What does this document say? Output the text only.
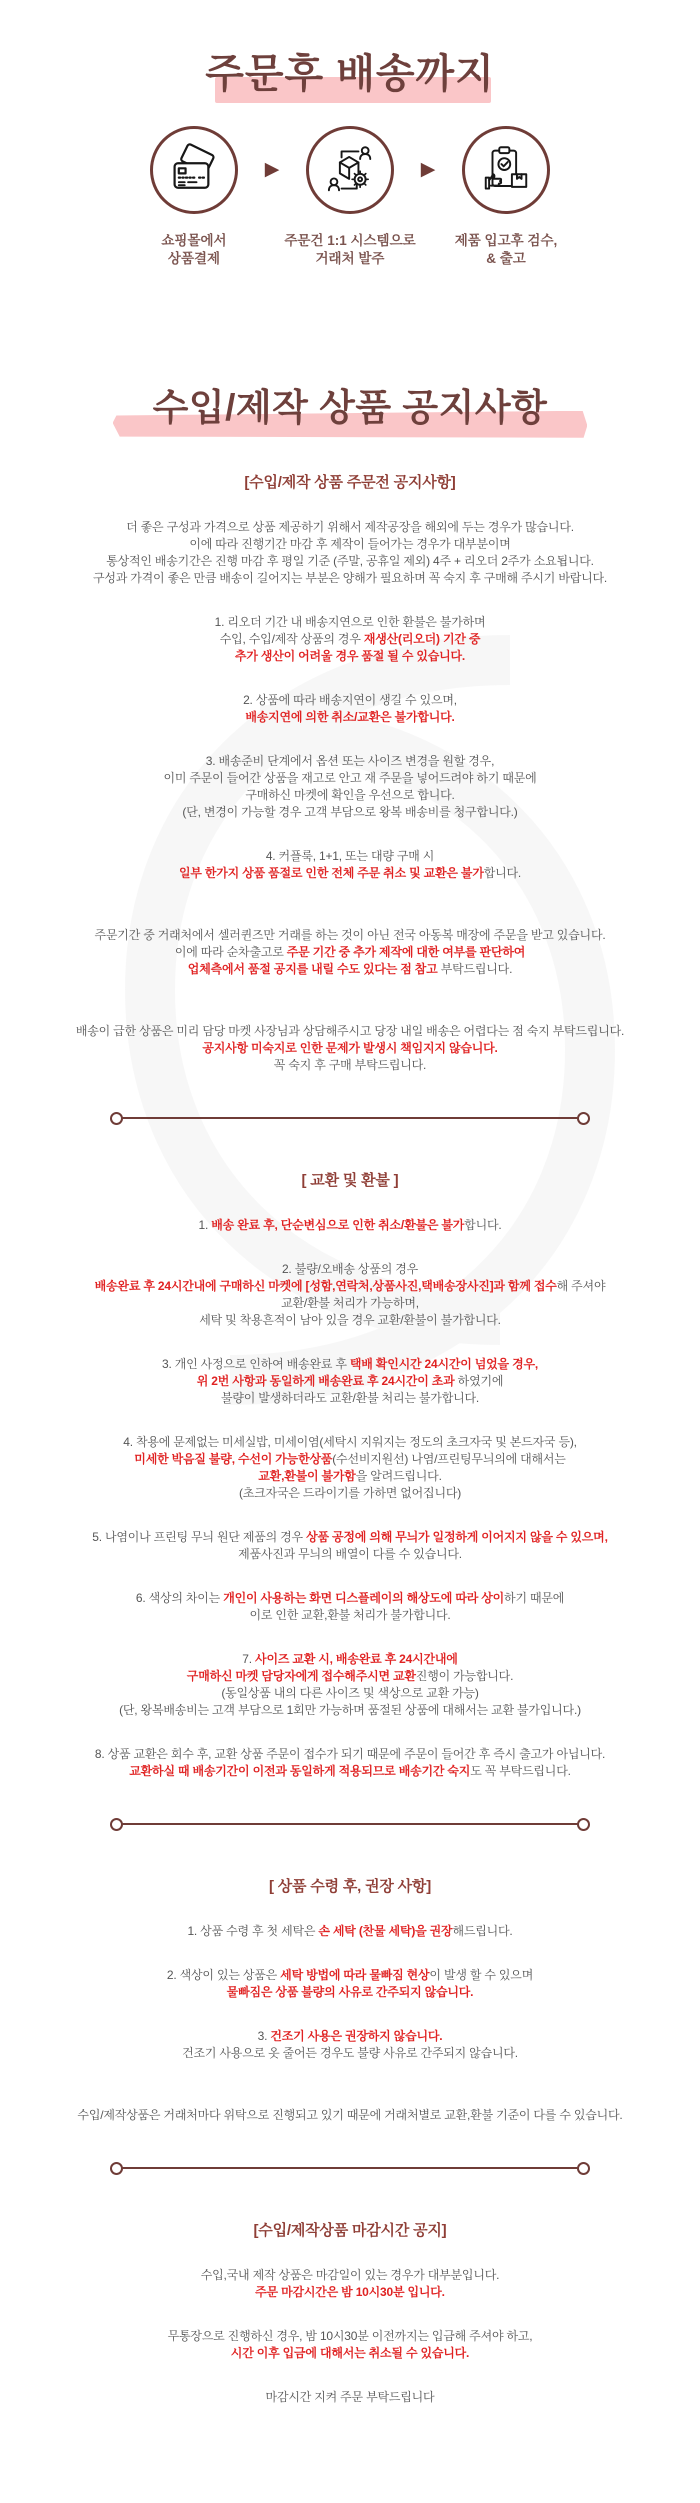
주문후 배송까지
쇼핑몰에서
상품결제
▶
주문건 1:1 시스템으로
거래처 발주
▶
제품 입고후 검수,
& 출고
수입/제작 상품 공지사항
[수입/제작 상품 주문전 공지사항]

더 좋은 구성과 가격으로 상품 제공하기 위해서 제작공장을 해외에 두는 경우가 많습니다.
이에 따라 진행기간 마감 후 제작이 들어가는 경우가 대부분이며
통상적인 배송기간은 진행 마감 후 평일 기준 (주말, 공휴일 제외) 4주 + 리오더 2주가 소요됩니다.
구성과 가격이 좋은 만큼 배송이 길어지는 부분은 양해가 필요하며 꼭 숙지 후 구매해 주시기 바랍니다.

1. 리오더 기간 내 배송지연으로 인한 환불은 불가하며
수입, 수입/제작 상품의 경우 재생산(리오더) 기간 중
추가 생산이 어려울 경우 품절 될 수 있습니다.

2. 상품에 따라 배송지연이 생길 수 있으며,
배송지연에 의한 취소/교환은 불가합니다.

3. 배송준비 단계에서 옵션 또는 사이즈 변경을 원할 경우,
이미 주문이 들어간 상품을 재고로 안고 재 주문을 넣어드려야 하기 때문에
구매하신 마켓에 확인을 우선으로 합니다.
(단, 변경이 가능할 경우 고객 부담으로 왕복 배송비를 청구합니다.)

4. 커플룩, 1+1, 또는 대량 구매 시
일부 한가지 상품 품절로 인한 전체 주문 취소 및 교환은 불가합니다.

주문기간 중 거래처에서 셀러퀸즈만 거래를 하는 것이 아닌 전국 아동복 매장에 주문을 받고 있습니다.
이에 따라 순차출고로 주문 기간 중 추가 제작에 대한 여부를 판단하여
업체측에서 품절 공지를 내릴 수도 있다는 점 참고 부탁드립니다.

배송이 급한 상품은 미리 담당 마켓 사장님과 상담해주시고 당장 내일 배송은 어렵다는 점 숙지 부탁드립니다.
공지사항 미숙지로 인한 문제가 발생시 책임지지 않습니다.
꼭 숙지 후 구매 부탁드립니다.

[ 교환 및 환불 ]

1. 배송 완료 후, 단순변심으로 인한 취소/환불은 불가합니다.

2. 불량/오배송 상품의 경우
배송완료 후 24시간내에 구매하신 마켓에 [성함,연락처,상품사진,택배송장사진]과 함께 접수해 주셔야
교환/환불 처리가 가능하며,
세탁 및 착용흔적이 남아 있을 경우 교환/환불이 불가합니다.

3. 개인 사정으로 인하여 배송완료 후 택배 확인시간 24시간이 넘었을 경우,
위 2번 사항과 동일하게 배송완료 후 24시간이 초과 하였기에
불량이 발생하더라도 교환/환불 처리는 불가합니다.

4. 착용에 문제없는 미세실밥, 미세이염(세탁시 지워지는 정도의 초크자국 및 본드자국 등),
미세한 박음질 불량, 수선이 가능한상품(수선비지원선) 나염/프린팅무늬의에 대해서는
교환,환불이 불가함을 알려드립니다.
(초크자국은 드라이기를 가하면 없어집니다)

5. 나염이나 프린팅 무늬 원단 제품의 경우 상품 공정에 의해 무늬가 일정하게 이어지지 않을 수 있으며,
제품사진과 무늬의 배열이 다를 수 있습니다.

6. 색상의 차이는 개인이 사용하는 화면 디스플레이의 해상도에 따라 상이하기 때문에
이로 인한 교환,환불 처리가 불가합니다.

7. 사이즈 교환 시, 배송완료 후 24시간내에
구매하신 마켓 담당자에게 접수해주시면 교환진행이 가능합니다.
(동일상품 내의 다른 사이즈 및 색상으로 교환 가능)
(단, 왕복배송비는 고객 부담으로 1회만 가능하며 품절된 상품에 대해서는 교환 불가입니다.)

8. 상품 교환은 회수 후, 교환 상품 주문이 접수가 되기 때문에 주문이 들어간 후 즉시 출고가 아닙니다.
교환하실 때 배송기간이 이전과 동일하게 적용되므로 배송기간 숙지도 꼭 부탁드립니다.

[ 상품 수령 후, 권장 사항]

1. 상품 수령 후 첫 세탁은 손 세탁 (찬물 세탁)을 권장해드립니다.

2. 색상이 있는 상품은 세탁 방법에 따라 물빠짐 현상이 발생 할 수 있으며
물빠짐은 상품 불량의 사유로 간주되지 않습니다.

3. 건조기 사용은 권장하지 않습니다.
건조기 사용으로 옷 줄어든 경우도 불량 사유로 간주되지 않습니다.

수입/제작상품은 거래처마다 위탁으로 진행되고 있기 때문에 거래처별로 교환,환불 기준이 다를 수 있습니다.

[수입/제작상품 마감시간 공지]

수입,국내 제작 상품은 마감일이 있는 경우가 대부분입니다.
주문 마감시간은 밤 10시30분 입니다.

무통장으로 진행하신 경우, 밤 10시30분 이전까지는 입금해 주셔야 하고,
시간 이후 입금에 대해서는 취소될 수 있습니다.

마감시간 지켜 주문 부탁드립니다
